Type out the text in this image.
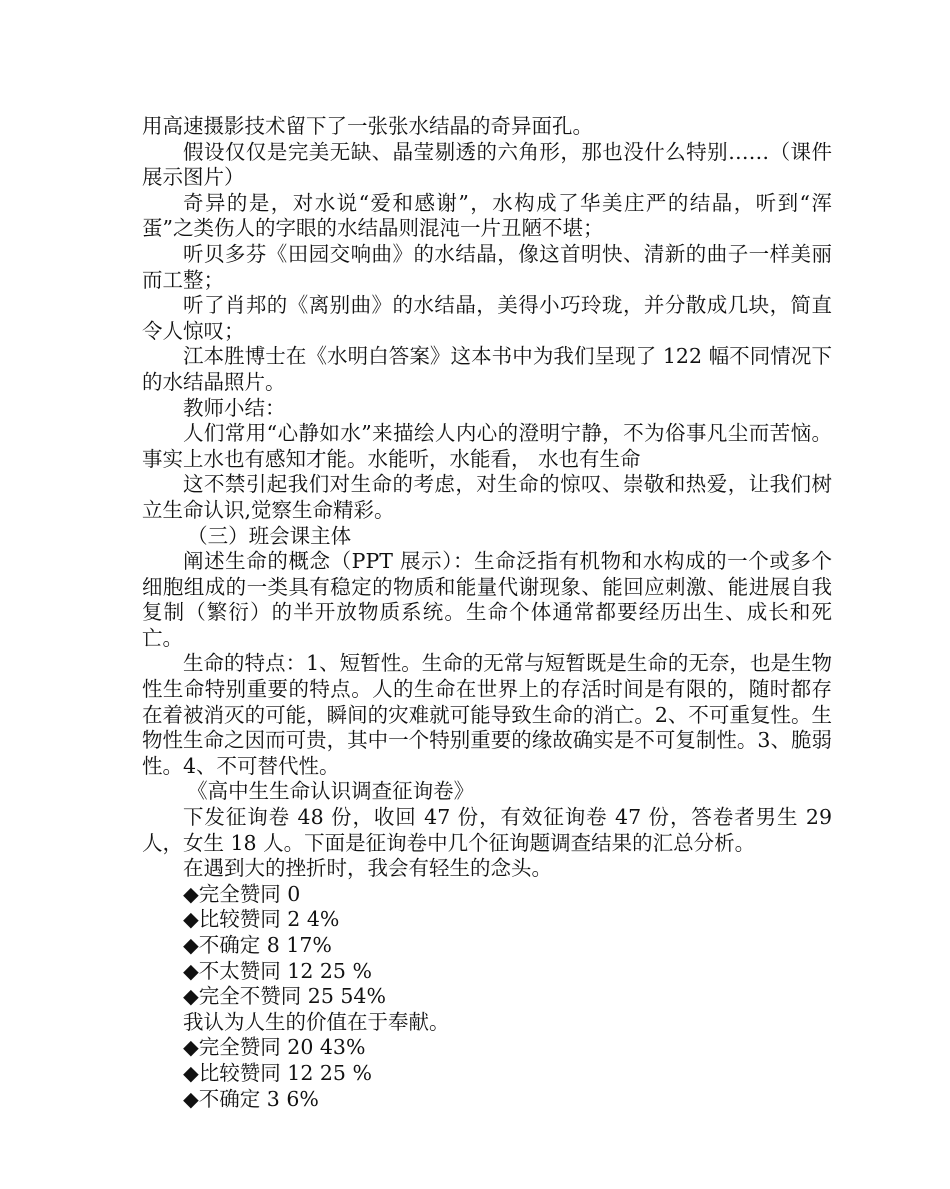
用高速摄影技术留下了一张张水结晶的奇异面孔。

假设仅仅是完美无缺、晶莹剔透的六角形，那也没什么特别……（课件展示图片）

奇异的是，对水说“爱和感谢”，水构成了华美庄严的结晶，听到“浑蛋”之类伤人的字眼的水结晶则混沌一片丑陋不堪；

听贝多芬《田园交响曲》的水结晶，像这首明快、清新的曲子一样美丽而工整；

听了肖邦的《离别曲》的水结晶，美得小巧玲珑，并分散成几块，简直令人惊叹；

江本胜博士在《水明白答案》这本书中为我们呈现了 122 幅不同情况下的水结晶照片。

教师小结：

人们常用“心静如水”来描绘人内心的澄明宁静，不为俗事凡尘而苦恼。事实上水也有感知才能。水能听，水能看， 水也有生命

这不禁引起我们对生命的考虑，对生命的惊叹、崇敬和热爱，让我们树立生命认识,觉察生命精彩。

（三）班会课主体

阐述生命的概念（PPT 展示）：生命泛指有机物和水构成的一个或多个细胞组成的一类具有稳定的物质和能量代谢现象、能回应刺激、能进展自我复制（繁衍）的半开放物质系统。生命个体通常都要经历出生、成长和死亡。

生命的特点：1、短暂性。生命的无常与短暂既是生命的无奈，也是生物性生命特别重要的特点。人的生命在世界上的存活时间是有限的，随时都存在着被消灭的可能，瞬间的灾难就可能导致生命的消亡。2、不可重复性。生物性生命之因而可贵，其中一个特别重要的缘故确实是不可复制性。3、脆弱性。4、不可替代性。

《高中生生命认识调查征询卷》

下发征询卷 48 份，收回 47 份，有效征询卷 47 份，答卷者男生 29 人，女生 18 人。下面是征询卷中几个征询题调查结果的汇总分析。

在遇到大的挫折时，我会有轻生的念头。

◆完全赞同 0

◆比较赞同 2 4%

◆不确定 8 17%

◆不太赞同 12 25 %

◆完全不赞同 25 54%

我认为人生的价值在于奉献。

◆完全赞同 20 43%

◆比较赞同 12 25 %

◆不确定 3 6%
